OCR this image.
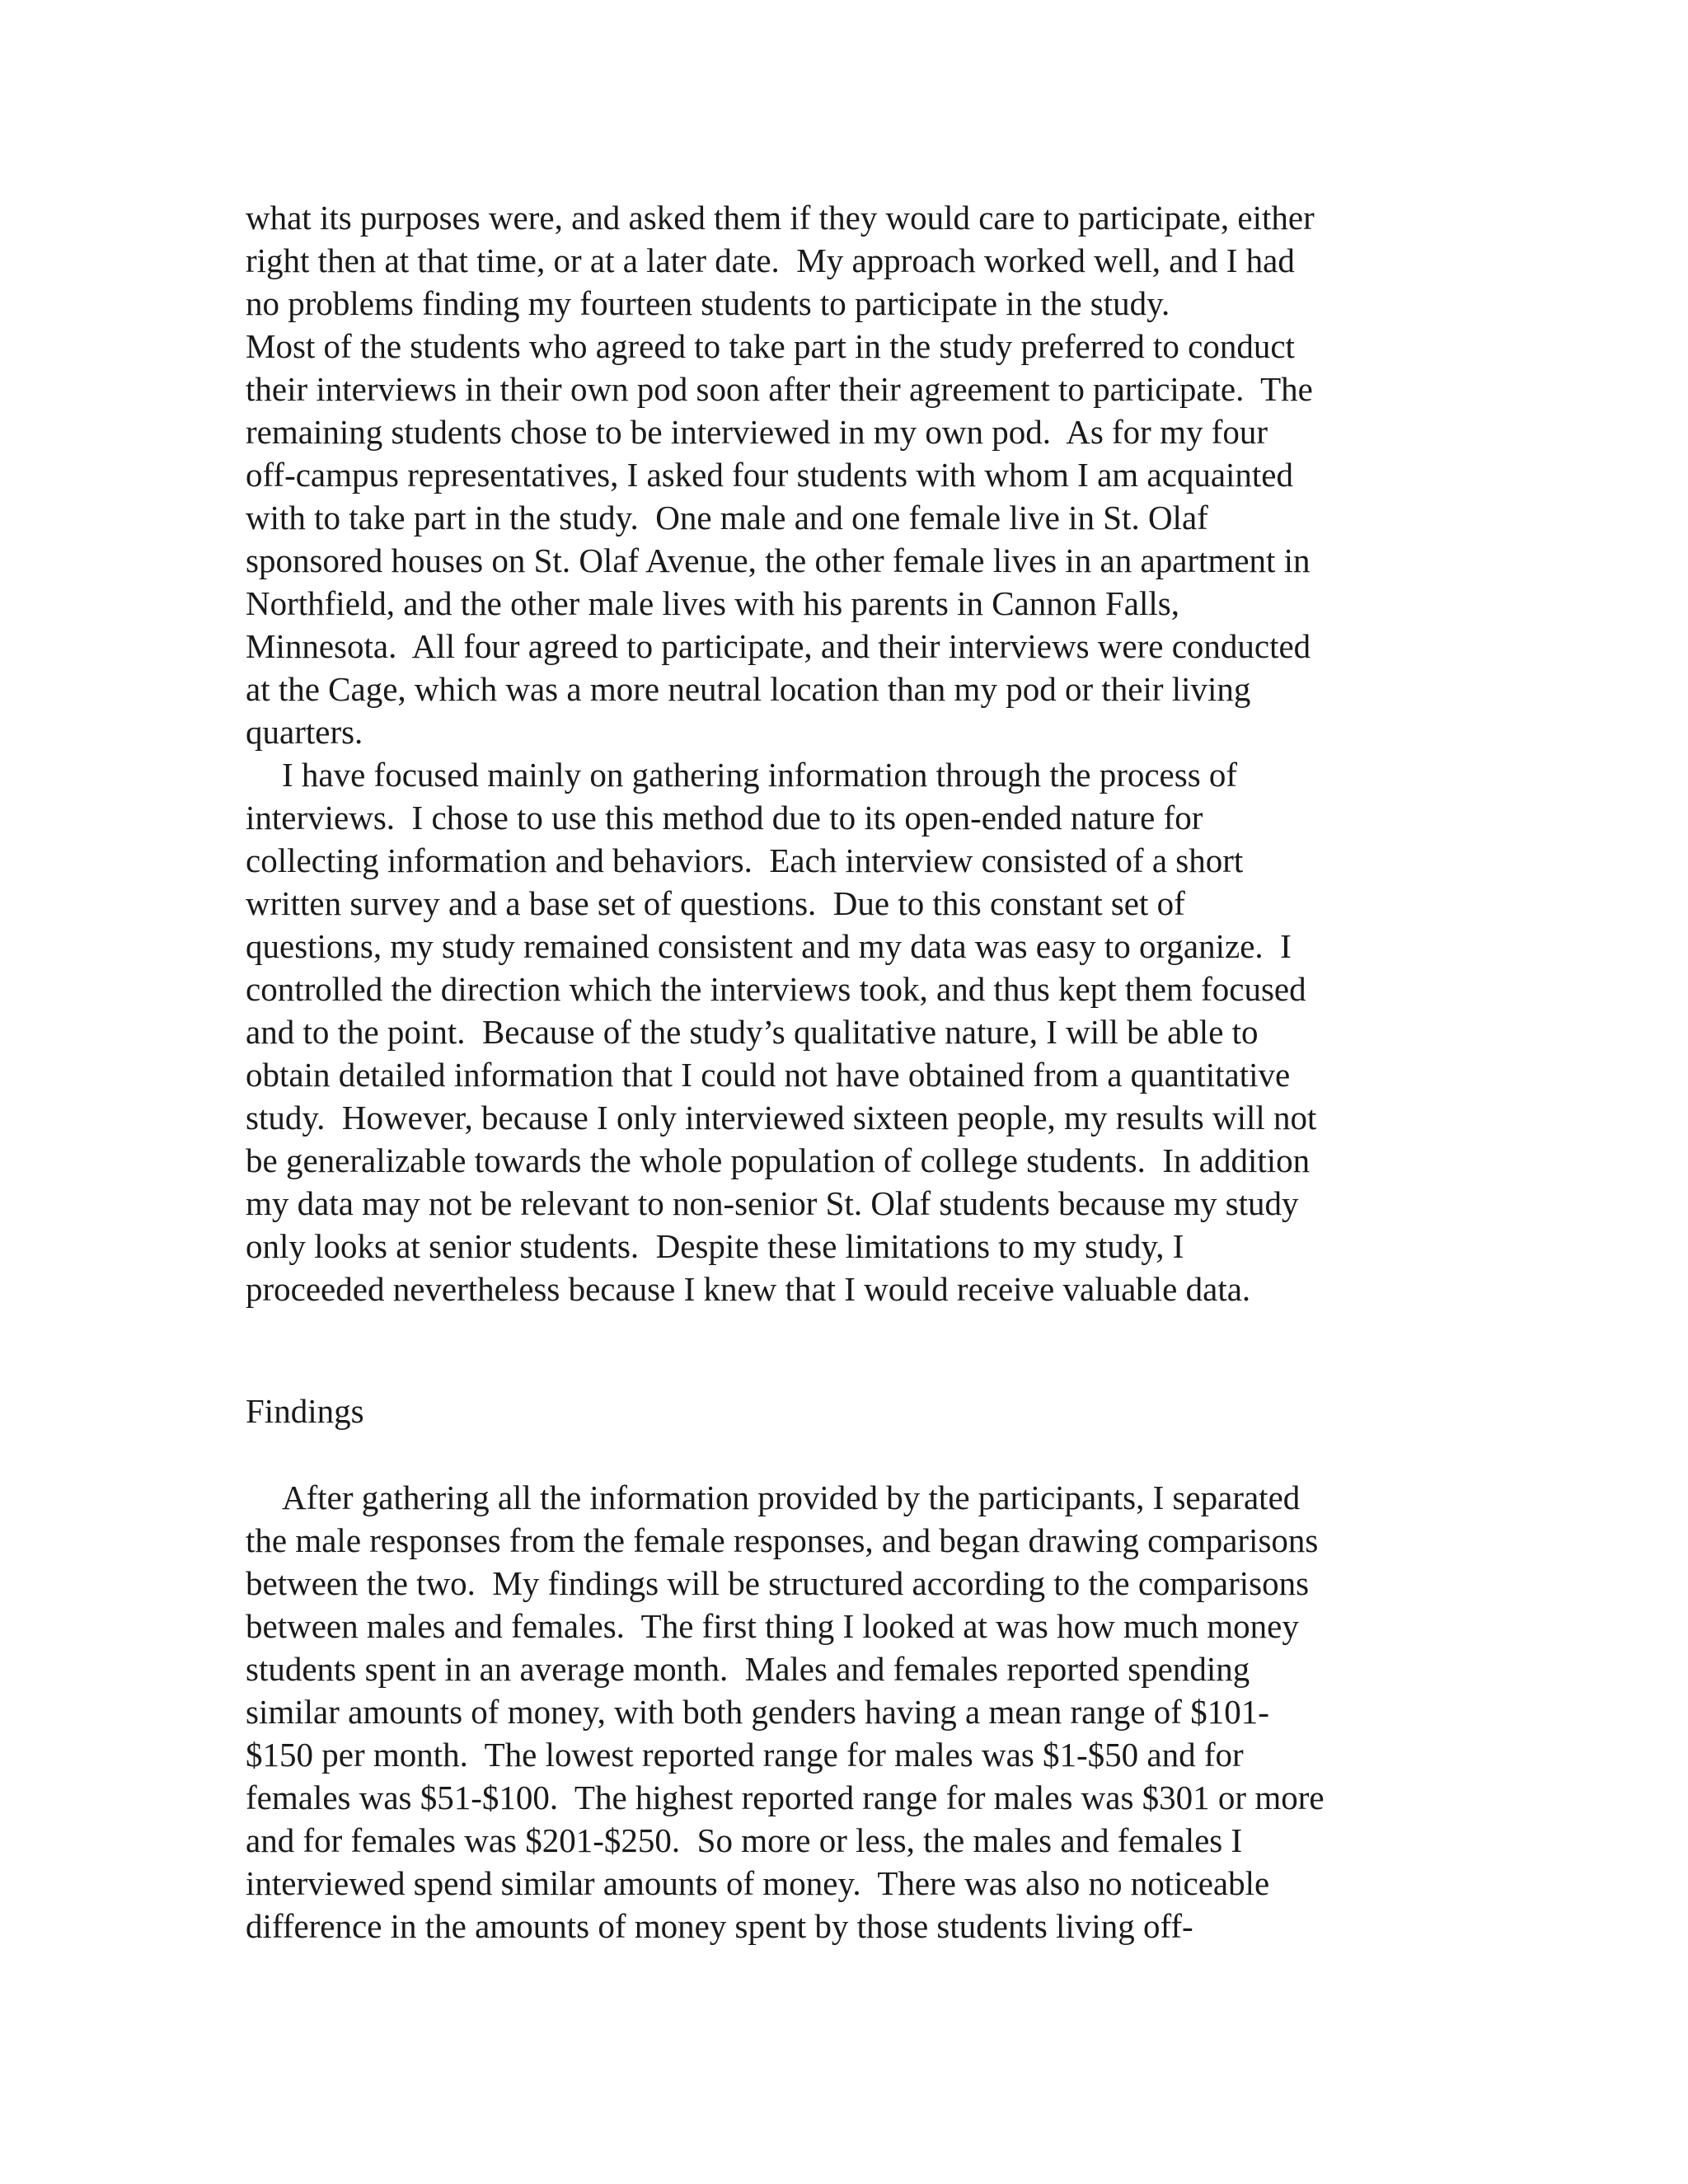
what its purposes were, and asked them if they would care to participate, either
right then at that time, or at a later date.  My approach worked well, and I had
no problems finding my fourteen students to participate in the study.
Most of the students who agreed to take part in the study preferred to conduct
their interviews in their own pod soon after their agreement to participate.  The
remaining students chose to be interviewed in my own pod.  As for my four
off-campus representatives, I asked four students with whom I am acquainted
with to take part in the study.  One male and one female live in St. Olaf
sponsored houses on St. Olaf Avenue, the other female lives in an apartment in
Northfield, and the other male lives with his parents in Cannon Falls,
Minnesota.  All four agreed to participate, and their interviews were conducted
at the Cage, which was a more neutral location than my pod or their living
quarters.
I have focused mainly on gathering information through the process of
interviews.  I chose to use this method due to its open-ended nature for
collecting information and behaviors.  Each interview consisted of a short
written survey and a base set of questions.  Due to this constant set of
questions, my study remained consistent and my data was easy to organize.  I
controlled the direction which the interviews took, and thus kept them focused
and to the point.  Because of the study’s qualitative nature, I will be able to
obtain detailed information that I could not have obtained from a quantitative
study.  However, because I only interviewed sixteen people, my results will not
be generalizable towards the whole population of college students.  In addition
my data may not be relevant to non-senior St. Olaf students because my study
only looks at senior students.  Despite these limitations to my study, I
proceeded nevertheless because I knew that I would receive valuable data.
Findings
After gathering all the information provided by the participants, I separated
the male responses from the female responses, and began drawing comparisons
between the two.  My findings will be structured according to the comparisons
between males and females.  The first thing I looked at was how much money
students spent in an average month.  Males and females reported spending
similar amounts of money, with both genders having a mean range of $101-
$150 per month.  The lowest reported range for males was $1-$50 and for
females was $51-$100.  The highest reported range for males was $301 or more
and for females was $201-$250.  So more or less, the males and females I
interviewed spend similar amounts of money.  There was also no noticeable
difference in the amounts of money spent by those students living off-
